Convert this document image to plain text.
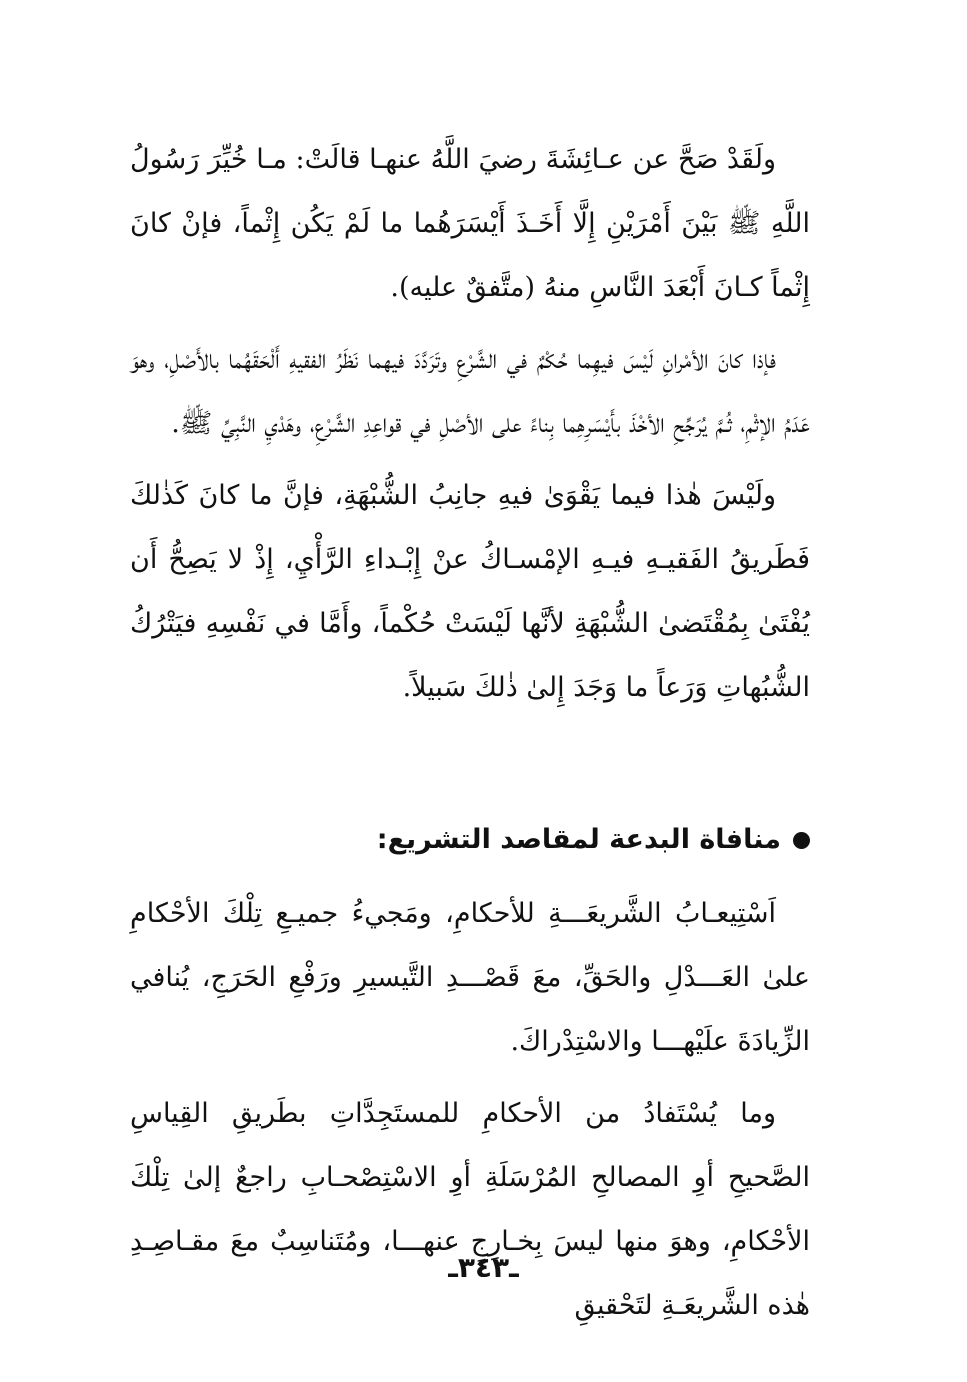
ولَقَدْ صَحَّ عن عـائِشَةَ رضيَ اللَّهُ عنهـا قالَتْ: مـا خُيِّرَ رَسُولُ اللَّهِ ﷺ بَيْنَ أَمْرَيْنِ إِلَّا أَخَـذَ أَيْسَرَهُما ما لَمْ يَكُن إِثْماً، فإنْ كانَ إِثْماً كـانَ أَبْعَدَ النَّاسِ منهُ (متَّفقٌ عليه).

فإذا كانَ الأمْرانِ لَيْسَ فيهِما حُكْمٌ في الشَّرْعِ وتَرَدَّدَ فيهما نَظَرُ الفقيهِ أَلْحَقَهُما بالأَصْلِ، وهوَ عَدَمُ الإثْمِ، ثُـمَّ يُرَجِّحِ الأخْذَ بأَيْسَرِهِما بِناءً على الأصْلِ في قواعِدِ الشَّرْعِ، وهَدْيِ النَّبِيِّ ﷺ.

ولَيْسَ هٰذا فيما يَقْوَىٰ فيهِ جانِبُ الشُّبْهَةِ، فإنَّ ما كانَ كَذٰلكَ فَطَريقُ الفَقيـهِ فيـهِ الإمْسـاكُ عنْ إِبْـداءِ الرَّأْيِ، إِذْ لا يَصِحُّ أَن يُفْتَىٰ بِمُقْتَضىٰ الشُّبْهَةِ لأنَّها لَيْسَتْ حُكْماً، وأَمَّا في نَفْسِهِ فيَتْرُكُ الشُّبُهاتِ وَرَعاً ما وَجَدَ إِلىٰ ذٰلكَ سَبيلاً.

منافاة البدعة لمقاصد التشريع:

اَسْتِيعـابُ الشَّريعَـــةِ للأحكامِ، ومَجيءُ جميـعِ تِلْكَ الأحْكامِ علىٰ العَـــدْلِ والحَقِّ، معَ قَصْـــدِ التَّيسيرِ ورَفْعِ الحَرَجِ، يُنافي الزِّيادَةَ علَيْهـــا والاسْتِدْراكَ.

وما يُسْتَفادُ من الأحكامِ للمستَجِدَّاتِ بطَريقِ القِياسِ الصَّحيحِ أوِ المصالحِ المُرْسَلَةِ أوِ الاسْتِصْحـابِ راجعٌ إلىٰ تِلْكَ الأحْكامِ، وهوَ منها ليسَ بِخـارِجٍ عنهـــا، ومُتَناسِبٌ معَ مقـاصِـدِ هٰذه الشَّريعَـةِ لتَحْقيقِ

ـ٣٤٣ـ
